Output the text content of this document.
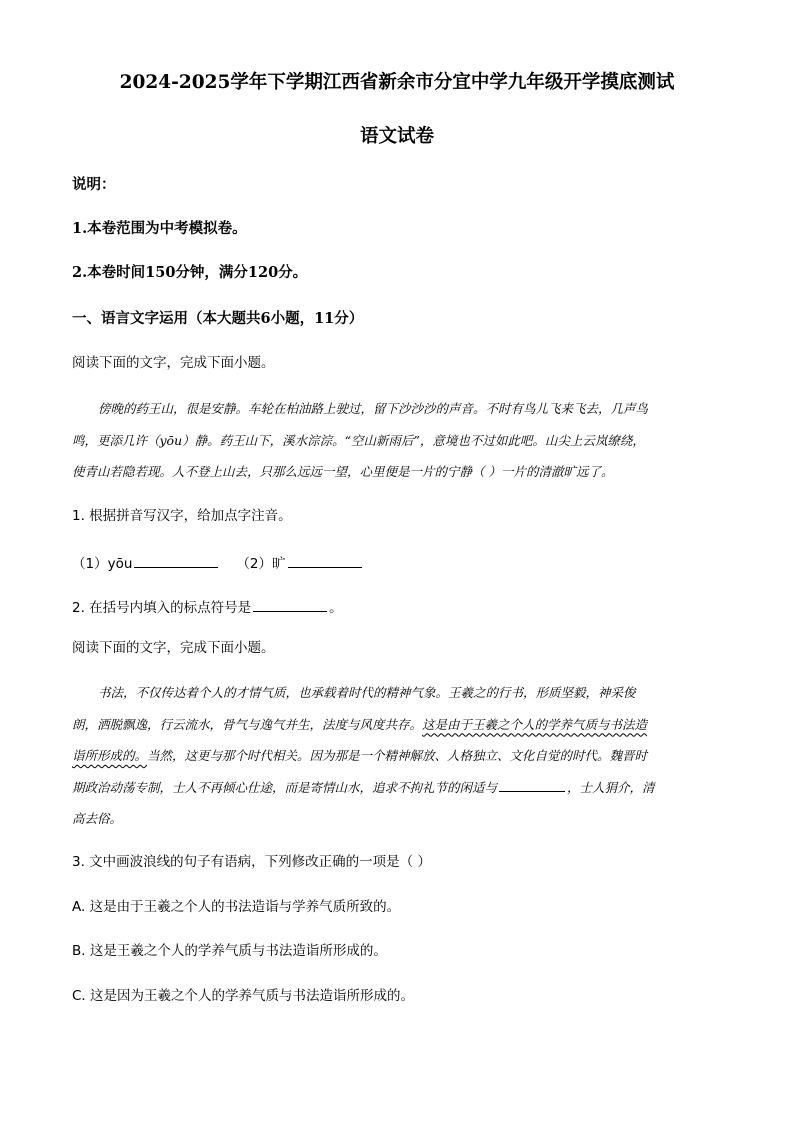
2024-2025学年下学期江西省新余市分宜中学九年级开学摸底测试
语文试卷
说明：
1.本卷范围为中考模拟卷。
2.本卷时间150分钟，满分120分。
一、语言文字运用（本大题共6小题，11分）
阅读下面的文字，完成下面小题。
傍晚的药王山，很是安静。车轮在柏油路上驶过，留下沙沙沙的声音。不时有鸟儿飞来飞去，几声鸟
鸣，更添几许（yōu）静。药王山下，溪水淙淙。“空山新雨后”，意境也不过如此吧。山尖上云岚缭绕，
使青山若隐若现。人不登上山去，只那么远远一望，心里便是一片的宁静（ ）一片的清澈旷远了。
1. 根据拼音写汉字，给加点字注音。
（1）yōu	（2）旷
2. 在括号内填入的标点符号是	。
阅读下面的文字，完成下面小题。
书法，不仅传达着个人的才情气质，也承载着时代的精神气象。王羲之的行书，形质坚毅，神采俊
朗，洒脱飘逸，行云流水，骨气与逸气并生，法度与风度共存。这是由于王羲之个人的学养气质与书法造
诣所形成的。当然，这更与那个时代相关。因为那是一个精神解放、人格独立、文化自觉的时代。魏晋时
期政治动荡专制，士人不再倾心仕途，而是寄情山水，追求不拘礼节的闲适与	，士人狷介，清
高去俗。
3. 文中画波浪线的句子有语病，下列修改正确的一项是（ ）
A. 这是由于王羲之个人的书法造诣与学养气质所致的。
B. 这是王羲之个人的学养气质与书法造诣所形成的。
C. 这是因为王羲之个人的学养气质与书法造诣所形成的。
